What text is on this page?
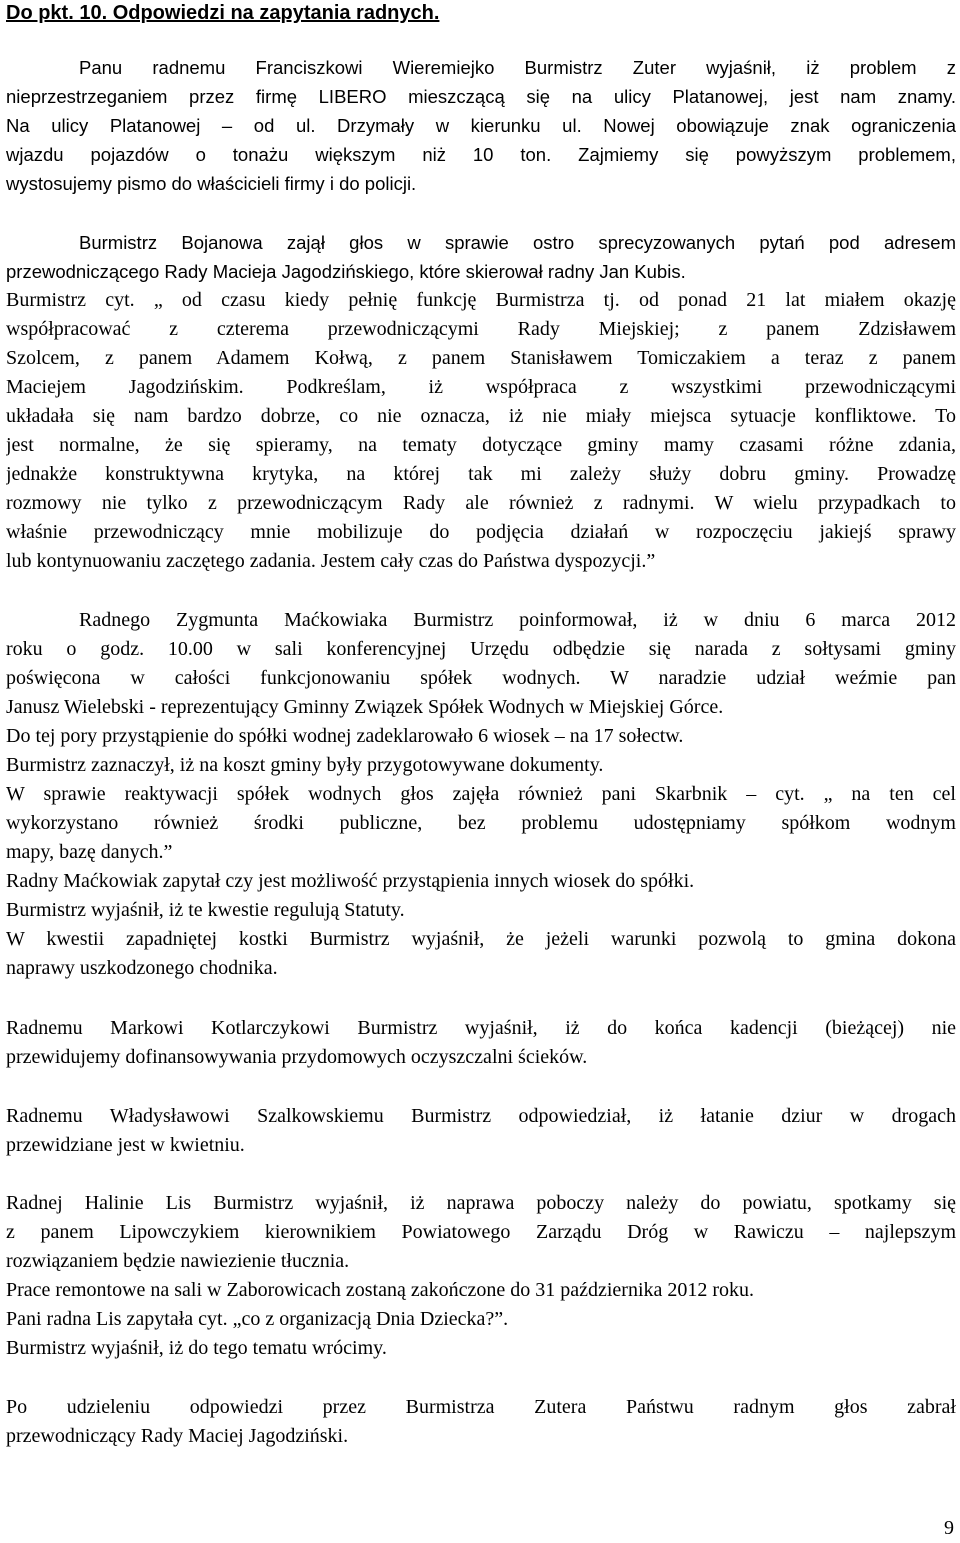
Do pkt. 10. Odpowiedzi na zapytania radnych.
Panu radnemu Franciszkowi Wieremiejko Burmistrz Zuter wyjaśnił, iż problem z
nieprzestrzeganiem przez firmę LIBERO mieszczącą się na ulicy Platanowej, jest nam znamy.
Na ulicy Platanowej – od ul. Drzymały w kierunku ul. Nowej obowiązuje znak ograniczenia
wjazdu pojazdów o tonażu większym niż 10 ton. Zajmiemy się powyższym problemem,
wystosujemy pismo do właścicieli firmy i do policji.
Burmistrz Bojanowa zajął głos w sprawie ostro sprecyzowanych pytań pod adresem
przewodniczącego Rady Macieja Jagodzińskiego, które skierował radny Jan Kubis.
Burmistrz cyt. „ od czasu kiedy pełnię funkcję Burmistrza tj. od ponad 21 lat miałem okazję
współpracować z czterema przewodniczącymi Rady Miejskiej; z panem Zdzisławem
Szolcem, z panem Adamem Kołwą, z panem Stanisławem Tomiczakiem a teraz z panem
Maciejem Jagodzińskim. Podkreślam, iż współpraca z wszystkimi przewodniczącymi
układała się nam bardzo dobrze, co nie oznacza, iż nie miały miejsca sytuacje konfliktowe. To
jest normalne, że się spieramy, na tematy dotyczące gminy mamy czasami różne zdania,
jednakże konstruktywna krytyka, na której tak mi zależy służy dobru gminy. Prowadzę
rozmowy nie tylko z przewodniczącym Rady ale również z radnymi. W wielu przypadkach to
właśnie przewodniczący mnie mobilizuje do podjęcia działań w rozpoczęciu jakiejś sprawy
lub kontynuowaniu zaczętego zadania. Jestem cały czas do Państwa dyspozycji.”
Radnego Zygmunta Maćkowiaka Burmistrz poinformował, iż w dniu 6 marca 2012
roku o godz. 10.00 w sali konferencyjnej Urzędu odbędzie się narada z sołtysami gminy
poświęcona w całości funkcjonowaniu spółek wodnych. W naradzie udział weźmie pan
Janusz Wielebski - reprezentujący Gminny Związek Spółek Wodnych w Miejskiej Górce.
Do tej pory przystąpienie do spółki wodnej zadeklarowało 6 wiosek – na 17 sołectw.
Burmistrz zaznaczył, iż na koszt gminy były przygotowywane dokumenty.
W sprawie reaktywacji spółek wodnych głos zajęła również pani Skarbnik – cyt. „ na ten cel
wykorzystano również środki publiczne, bez problemu udostępniamy spółkom wodnym
mapy, bazę danych.”
Radny Maćkowiak zapytał czy jest możliwość przystąpienia innych wiosek do spółki.
Burmistrz wyjaśnił, iż te kwestie regulują Statuty.
W kwestii zapadniętej kostki Burmistrz wyjaśnił, że jeżeli warunki pozwolą to gmina dokona
naprawy uszkodzonego chodnika.
Radnemu Markowi Kotlarczykowi Burmistrz wyjaśnił, iż do końca kadencji (bieżącej) nie
przewidujemy dofinansowywania przydomowych oczyszczalni ścieków.
Radnemu Władysławowi Szalkowskiemu Burmistrz odpowiedział, iż łatanie dziur w drogach
przewidziane jest w kwietniu.
Radnej Halinie Lis Burmistrz wyjaśnił, iż naprawa poboczy należy do powiatu, spotkamy się
z panem Lipowczykiem kierownikiem Powiatowego Zarządu Dróg w Rawiczu – najlepszym
rozwiązaniem będzie nawiezienie tłucznia.
Prace remontowe na sali w Zaborowicach zostaną zakończone do 31 października 2012 roku.
Pani radna Lis zapytała cyt. „co z organizacją Dnia Dziecka?”.
Burmistrz wyjaśnił, iż do tego tematu wrócimy.
Po udzieleniu odpowiedzi przez Burmistrza Zutera Państwu radnym głos zabrał
przewodniczący Rady Maciej Jagodziński.
9
